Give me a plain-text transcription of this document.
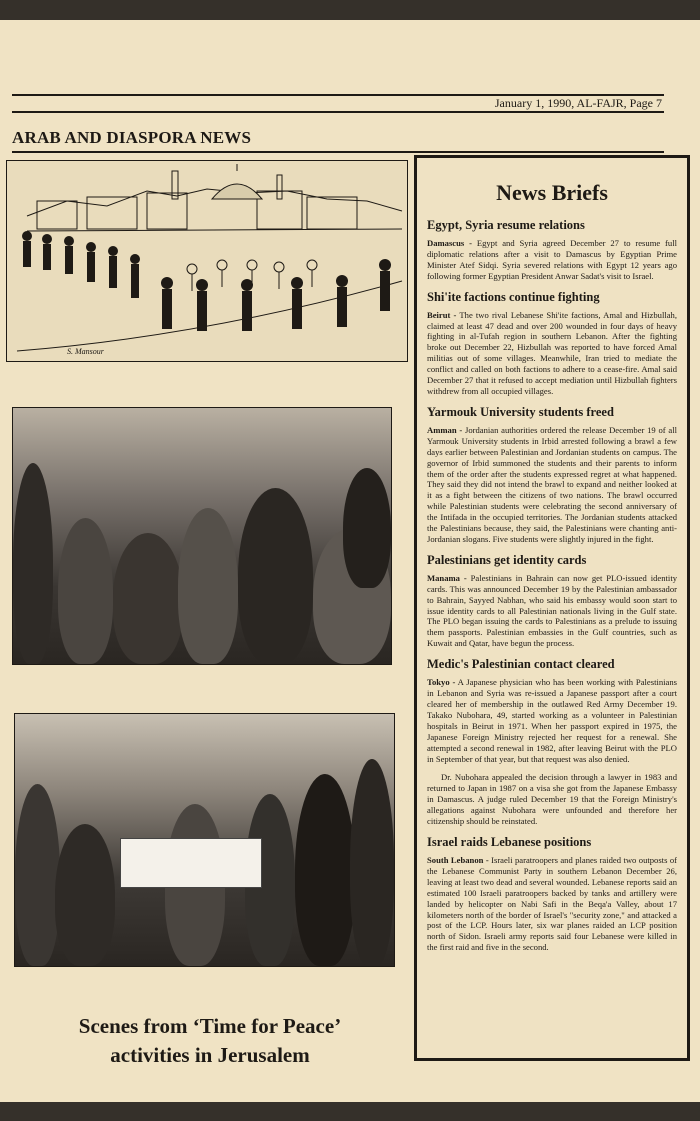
January 1, 1990, AL-FAJR, Page 7
ARAB AND DIASPORA NEWS
S. Mansour
Scenes from ‘Time for Peace’
activities in Jerusalem
News Briefs
Egypt, Syria resume relations

Damascus - Egypt and Syria agreed December 27 to resume full diplomatic relations after a visit to Damascus by Egyptian Prime Minister Atef Sidqi. Syria severed relations with Egypt 12 years ago following former Egyptian President Anwar Sadat's visit to Israel.

Shi'ite factions continue fighting

Beirut - The two rival Lebanese Shi'ite factions, Amal and Hizbullah, claimed at least 47 dead and over 200 wounded in four days of heavy fighting in al-Tufah region in southern Lebanon. After the fighting broke out December 22, Hizbullah was reported to have forced Amal militias out of some villages. Meanwhile, Iran tried to mediate the conflict and called on both factions to adhere to a cease-fire. Amal said December 27 that it refused to accept mediation until Hizbullah fighters withdrew from all occupied villages.

Yarmouk University students freed

Amman - Jordanian authorities ordered the release December 19 of all Yarmouk University students in Irbid arrested following a brawl a few days earlier between Palestinian and Jordanian students on campus. The governor of Irbid summoned the students and their parents to inform them of the order after the students expressed regret at what happened. They said they did not intend the brawl to expand and neither looked at it as a fight between the citizens of two nations. The brawl occurred while Palestinian students were celebrating the second anniversary of the Intifada in the occupied territories. The Jordanian students attacked the Palestinians because, they said, the Palestinians were chanting anti-Jordanian slogans. Five students were slightly injured in the fight.

Palestinians get identity cards

Manama - Palestinians in Bahrain can now get PLO-issued identity cards. This was announced December 19 by the Palestinian ambassador to Bahrain, Sayyed Nabhan, who said his embassy would soon start to issue identity cards to all Palestinian nationals living in the Gulf state. The PLO began issuing the cards to Palestinians as a prelude to issuing them passports. Palestinian embassies in the Gulf countries, such as Kuwait and Qatar, have begun the process.

Medic's Palestinian contact cleared

Tokyo - A Japanese physician who has been working with Palestinians in Lebanon and Syria was re-issued a Japanese passport after a court cleared her of membership in the outlawed Red Army December 19. Takako Nubohara, 49, started working as a volunteer in Palestinian hospitals in Beirut in 1971. When her passport expired in 1975, the Japanese Foreign Ministry rejected her request for a renewal. She attempted a second renewal in 1982, after leaving Beirut with the PLO in September of that year, but that request was also denied.

Dr. Nubohara appealed the decision through a lawyer in 1983 and returned to Japan in 1987 on a visa she got from the Japanese Embassy in Damascus. A judge ruled December 19 that the Foreign Ministry's allegations against Nubohara were unfounded and therefore her citizenship should be reinstated.

Israel raids Lebanese positions

South Lebanon - Israeli paratroopers and planes raided two outposts of the Lebanese Communist Party in southern Lebanon December 26, leaving at least two dead and several wounded. Lebanese reports said an estimated 100 Israeli paratroopers backed by tanks and artillery were landed by helicopter on Nabi Safi in the Beqa'a Valley, about 17 kilometers north of the border of Israel's "security zone," and attacked a post of the LCP. Hours later, six war planes raided an LCP position north of Sidon. Israeli army reports said four Lebanese were killed in the first raid and five in the second.
